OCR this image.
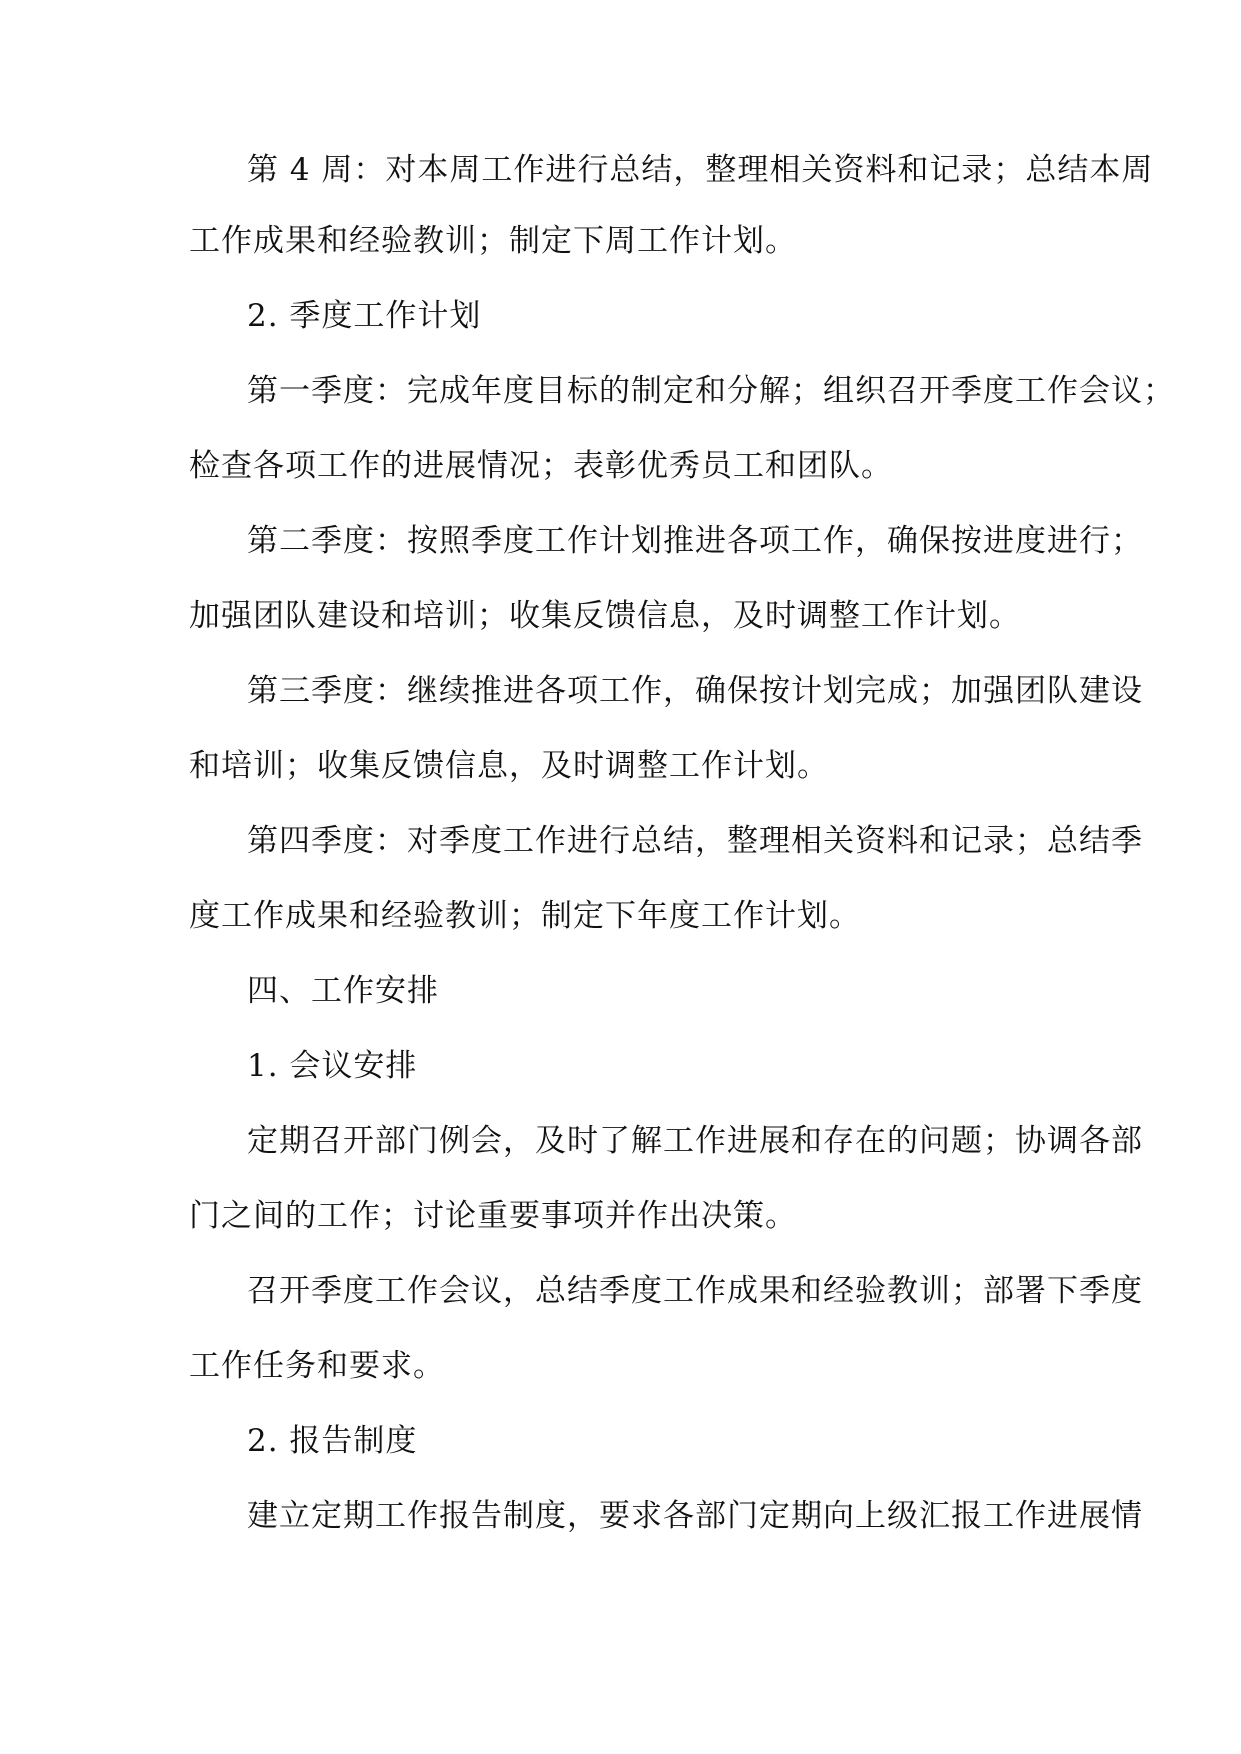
第 4 周：对本周工作进行总结，整理相关资料和记录；总结本周
工作成果和经验教训；制定下周工作计划。
2. 季度工作计划
第一季度：完成年度目标的制定和分解；组织召开季度工作会议；
检查各项工作的进展情况；表彰优秀员工和团队。
第二季度：按照季度工作计划推进各项工作，确保按进度进行；
加强团队建设和培训；收集反馈信息，及时调整工作计划。
第三季度：继续推进各项工作，确保按计划完成；加强团队建设
和培训；收集反馈信息，及时调整工作计划。
第四季度：对季度工作进行总结，整理相关资料和记录；总结季
度工作成果和经验教训；制定下年度工作计划。
四、工作安排
1. 会议安排
定期召开部门例会，及时了解工作进展和存在的问题；协调各部
门之间的工作；讨论重要事项并作出决策。
召开季度工作会议，总结季度工作成果和经验教训；部署下季度
工作任务和要求。
2. 报告制度
建立定期工作报告制度，要求各部门定期向上级汇报工作进展情
